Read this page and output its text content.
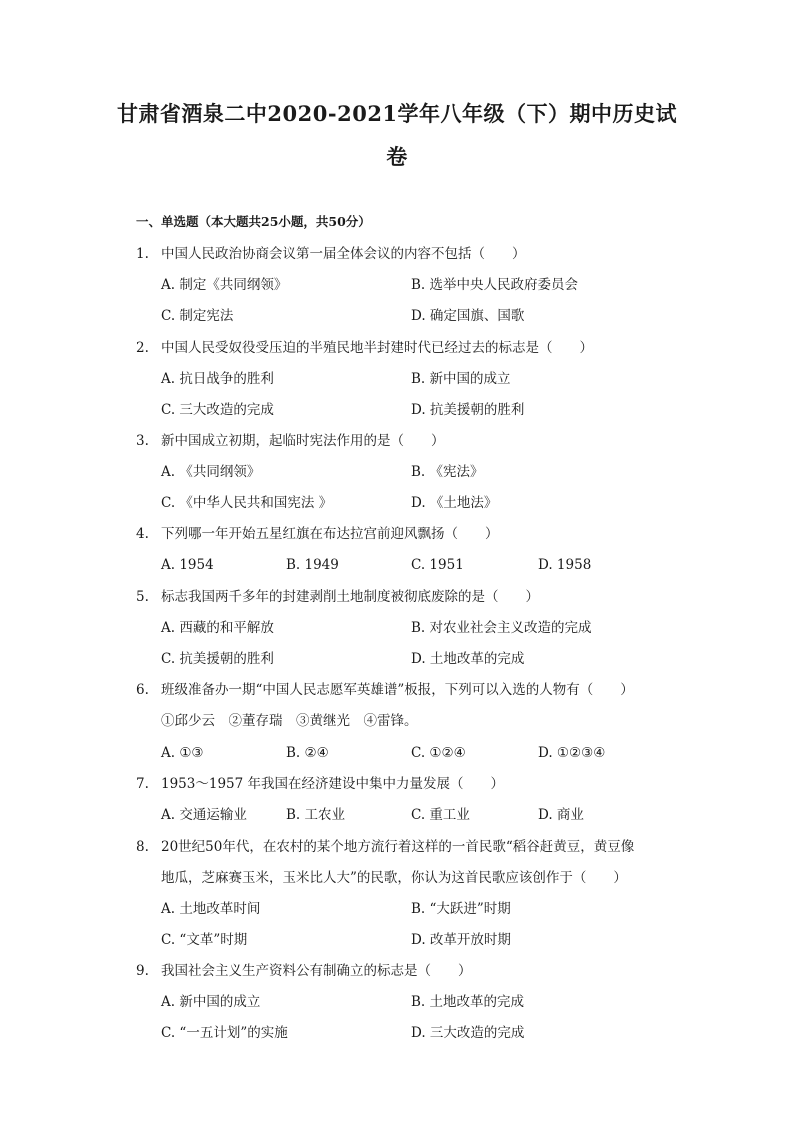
甘肃省酒泉二中2020-2021学年八年级（下）期中历史试
卷
一、单选题（本大题共25小题，共50分）
1. 中国人民政治协商会议第一届全体会议的内容不包括（　　）
A. 制定《共同纲领》	B. 选举中央人民政府委员会
C. 制定宪法	D. 确定国旗、国歌
2. 中国人民受奴役受压迫的半殖民地半封建时代已经过去的标志是（　　）
A. 抗日战争的胜利	B. 新中国的成立
C. 三大改造的完成	D. 抗美援朝的胜利
3. 新中国成立初期，起临时宪法作用的是（　　）
A. 《共同纲领》	B. 《宪法》
C. 《中华人民共和国宪法 》	D. 《土地法》
4. 下列哪一年开始五星红旗在布达拉宫前迎风飘扬（　　）
A. 1954	B. 1949	C. 1951	D. 1958
5. 标志我国两千多年的封建剥削土地制度被彻底废除的是（　　）
A. 西藏的和平解放	B. 对农业社会主义改造的完成
C. 抗美援朝的胜利	D. 土地改革的完成
6. 班级准备办一期“中国人民志愿军英雄谱”板报，下列可以入选的人物有（　　）
①邱少云　②董存瑞　③黄继光　④雷锋。
A. ①③	B. ②④	C. ①②④	D. ①②③④
7. 1953～1957 年我国在经济建设中集中力量发展（　　）
A. 交通运输业	B. 工农业	C. 重工业	D. 商业
8. 20世纪50年代，在农村的某个地方流行着这样的一首民歌“稻谷赶黄豆，黄豆像
地瓜，芝麻赛玉米，玉米比人大”的民歌，你认为这首民歌应该创作于（　　）
A. 土地改革时间	B. “大跃进”时期
C. “文革”时期	D. 改革开放时期
9. 我国社会主义生产资料公有制确立的标志是（　　）
A. 新中国的成立	B. 土地改革的完成
C. “一五计划”的实施	D. 三大改造的完成
